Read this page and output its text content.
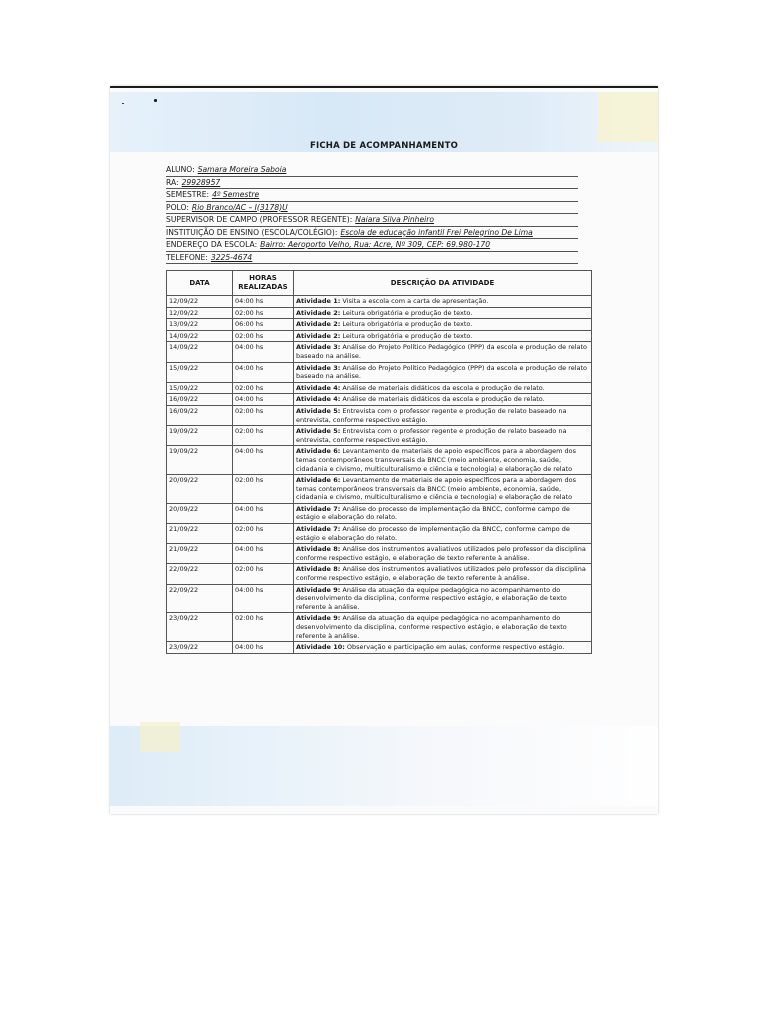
FICHA DE ACOMPANHAMENTO
ALUNO: Samara Moreira Saboia
RA: 29928957
SEMESTRE: 4º Semestre
POLO: Rio Branco/AC – I(3178)U
SUPERVISOR DE CAMPO (PROFESSOR REGENTE): Naiara Silva Pinheiro
INSTITUIÇÃO DE ENSINO (ESCOLA/COLÉGIO): Escola de educação infantil Frei Pelegrino De Lima
ENDEREÇO DA ESCOLA: Bairro: Aeroporto Velho, Rua: Acre, Nº 309, CEP: 69.980-170
TELEFONE: 3225-4674
DATA	HORAS REALIZADAS	DESCRIÇÃO DA ATIVIDADE
12/09/22	04:00 hs	Atividade 1: Visita a escola com a carta de apresentação.
12/09/22	02:00 hs	Atividade 2: Leitura obrigatória e produção de texto.
13/09/22	06:00 hs	Atividade 2: Leitura obrigatória e produção de texto.
14/09/22	02:00 hs	Atividade 2: Leitura obrigatória e produção de texto.
14/09/22	04:00 hs	Atividade 3: Análise do Projeto Político Pedagógico (PPP) da escola e produção de relato baseado na análise.
15/09/22	04:00 hs	Atividade 3: Análise do Projeto Político Pedagógico (PPP) da escola e produção de relato baseado na análise.
15/09/22	02:00 hs	Atividade 4: Análise de materiais didáticos da escola e produção de relato.
16/09/22	04:00 hs	Atividade 4: Análise de materiais didáticos da escola e produção de relato.
16/09/22	02:00 hs	Atividade 5: Entrevista com o professor regente e produção de relato baseado na entrevista, conforme respectivo estágio.
19/09/22	02:00 hs	Atividade 5: Entrevista com o professor regente e produção de relato baseado na entrevista, conforme respectivo estágio.
19/09/22	04:00 hs	Atividade 6: Levantamento de materiais de apoio específicos para a abordagem dos temas contemporâneos transversais da BNCC (meio ambiente, economia, saúde, cidadania e civismo, multiculturalismo e ciência e tecnologia) e elaboração de relato
20/09/22	02:00 hs	Atividade 6: Levantamento de materiais de apoio específicos para a abordagem dos temas contemporâneos transversais da BNCC (meio ambiente, economia, saúde, cidadania e civismo, multiculturalismo e ciência e tecnologia) e elaboração de relato
20/09/22	04:00 hs	Atividade 7: Análise do processo de implementação da BNCC, conforme campo de estágio e elaboração do relato.
21/09/22	02:00 hs	Atividade 7: Análise do processo de implementação da BNCC, conforme campo de estágio e elaboração do relato.
21/09/22	04:00 hs	Atividade 8: Análise dos instrumentos avaliativos utilizados pelo professor da disciplina conforme respectivo estágio, e elaboração de texto referente à análise.
22/09/22	02:00 hs	Atividade 8: Análise dos instrumentos avaliativos utilizados pelo professor da disciplina conforme respectivo estágio, e elaboração de texto referente à análise.
22/09/22	04:00 hs	Atividade 9: Análise da atuação da equipe pedagógica no acompanhamento do desenvolvimento da disciplina, conforme respectivo estágio, e elaboração de texto referente à análise.
23/09/22	02:00 hs	Atividade 9: Análise da atuação da equipe pedagógica no acompanhamento do desenvolvimento da disciplina, conforme respectivo estágio, e elaboração de texto referente à análise.
23/09/22	04:00 hs	Atividade 10: Observação e participação em aulas, conforme respectivo estágio.
